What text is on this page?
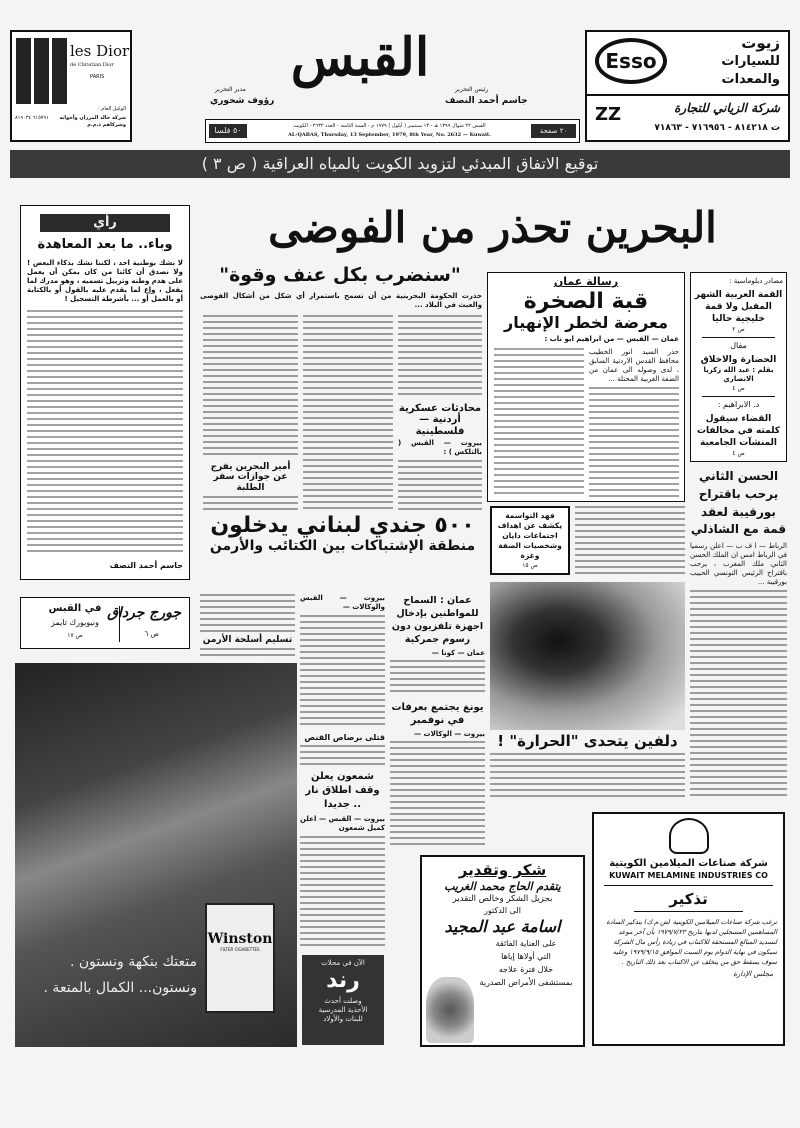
les Dior
de Christian Dior
PARIS
الوكيل العام :
شركة خالد المرزان وأخوانه وشركاهم ذ.م.م
٦١٥٧٩١ ٨١٩٠٣٤
مدير التحرير
رؤوف شحوري
القبس
رئيس التحرير
جاسم أحمد النصف
٥٠ فلسا	القبس ٢٢ شوال ١٣٩٩ هـ - ١٣ سبتمبر ( أيلول ) ١٩٧٩ م - السنة الثامنة - العدد ٢٦٣٢ - الكويت
AL-QABAS, Thursday, 13 September, 1979, 8th Year, No. 2632 — Kuwait.	٢٠ صفحة
Esso
زيوت
للسيارات
والمعدات
ZZ	شركة الزياني للتجارة
ت ٨١٤٢١٨ - ٧١٦٩٥٦ - ٧١٨٦٣
توقيع الاتفاق المبدئي لتزويد الكويت بالمياه العراقية ( ص ٣ )
رأي
وباء.. ما بعد المعاهدة
لا نشك بوطنية احد ، لكننا نشك بذكاء البعض ! ولا نصدق أن كائنا من كان يمكن أن يعمل على هدم وطنه وتزييل تسميه ، وهو مدرك لما يفعل ، وإع لما يقدم عليه بالقول أو بالكتابة أو بالعمل أو ... بأشرطة التسجيل !
جاسم أحمد النصف
البحرين تحذر من الفوضى
"سنضرب بكل عنف وقوة"
حذرت الحكومة البحرينية من أن تسمح باستمرار أي شكل من أشكال الفوضى والعبث في البلاد ...
محادثات عسكرية
أردنية — فلسطينية
بيروت — القبس ( بالتلكس ) :
أمير البحرين يفرج عن جوازات سفر الطلبة
رسالة عمان
قبة الصخرة
معرضة لخطر الإنهيار
عمان — القبس — من ابراهيم ابو ناب :
حذر السيد انور الخطيب محافظ القدس الاردنية السابق ، لدى وصوله الى عمان من الضفة الغربية المحتلة ...
مصادر دبلوماسية :
القمة العربية الشهر المقبل ولا قمة خليجية حاليا
ص ٢
مقال
الحضارة والاخلاق
بقلم : عبد الله زكريا الانصاري
ص ٤
د. الابراهيم :
القضاء سيقول كلمته في مخالفات المنشآت الجامعية
ص ٤
الحسن الثاني
يرحب باقتراح
بورقيبة لعقد
قمة مع الشاذلي
الرباط — ا ف ب — اعلن رسميا في الرباط امس ان الملك الحسن الثاني ملك المغرب ، يرحب باقتراح الرئيس التونسي الحبيب بورقيبة ...
فهد التواسمة يكشف عن اهداف اجتماعات دايان وشخصيات الضفة وغزة
ص ١٥
٥٠٠ جندي لبناني يدخلون
منطقة الإشتباكات بين الكتائب والأرمن
تسليم أسلحة الأرمن
بيروت — القبس والوكالات —
قتلى برصاص القنص
شمعون يعلن وقف اطلاق نار .. جديدا
بيروت — القبس — اعلن كميل شمعون
الآن في محلات
رند
وصلت أحدث
الأحذية المدرسية
للبنات والأولاد
عمان : السماح للمواطنين بإدخال اجهزة تلفزيون دون رسوم جمركية
عمان — كونا —
يونغ يجتمع بعرفات في نوفمبر
بيروت — الوكالات — دلفين يتحدى "الحرارة" !
جورج جرداق
ص ٦
في القبس
ونيويورك تايمز
ص ١٧
Winston
FILTER CIGARETTES
متعتك بنكهة ونستون .
ونستون... الكمال بالمتعة .
شكر وتقدير
يتقدم الحاج محمد الغريب
بجزيل الشكر وخالص التقدير
الى الدكتور
اسامة عبد المجيد
على العناية الفائقة
التي أولاها إياها
خلال فترة علاجه
بمستشفى الأمراض الصدرية
شركة صناعات الميلامين الكويتية
KUWAIT MELAMINE INDUSTRIES CO
تذكير
ترغب شركة صناعات الميلامين الكويتية (ش.م.ك) بتذكير السادة المساهمين المسجلين لديها بتاريخ ١٩٧٩/٧/٢٣ بأن آخر موعد لتسديد المبالغ المستحقة للاكتتاب في زيادة رأس مال الشركة سيكون في نهاية الدوام يوم السبت الموافق ١٩٧٩/٩/١٥ وعليه سوف يسقط حق من يتخلف عن الاكتتاب بعد ذلك التاريخ .
مجلس الإدارة
